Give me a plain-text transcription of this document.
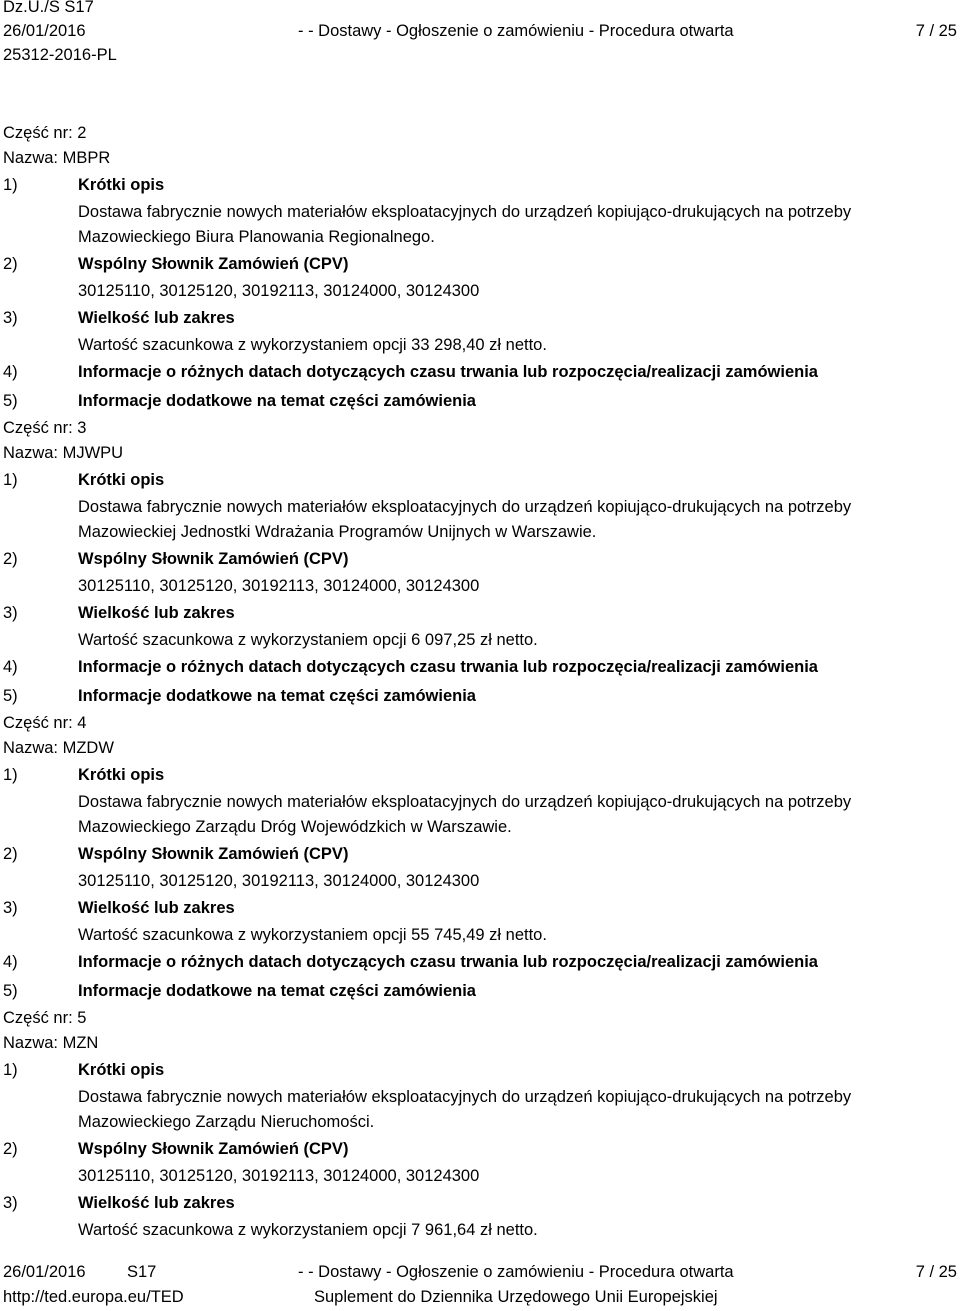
Dz.U./S S17
26/01/2016
25312-2016-PL
- - Dostawy - Ogłoszenie o zamówieniu - Procedura otwarta	7 / 25
Część nr: 2
Nazwa: MBPR
1)	Krótki opis
Dostawa fabrycznie nowych materiałów eksploatacyjnych do urządzeń kopiująco-drukujących na potrzeby
Mazowieckiego Biura Planowania Regionalnego.
2)	Wspólny Słownik Zamówień (CPV)
30125110, 30125120, 30192113, 30124000, 30124300
3)	Wielkość lub zakres
Wartość szacunkowa z wykorzystaniem opcji 33 298,40 zł netto.
4)	Informacje o różnych datach dotyczących czasu trwania lub rozpoczęcia/realizacji zamówienia
5)	Informacje dodatkowe na temat części zamówienia
Część nr: 3
Nazwa: MJWPU
1)	Krótki opis
Dostawa fabrycznie nowych materiałów eksploatacyjnych do urządzeń kopiująco-drukujących na potrzeby
Mazowieckiej Jednostki Wdrażania Programów Unijnych w Warszawie.
2)	Wspólny Słownik Zamówień (CPV)
30125110, 30125120, 30192113, 30124000, 30124300
3)	Wielkość lub zakres
Wartość szacunkowa z wykorzystaniem opcji 6 097,25 zł netto.
4)	Informacje o różnych datach dotyczących czasu trwania lub rozpoczęcia/realizacji zamówienia
5)	Informacje dodatkowe na temat części zamówienia
Część nr: 4
Nazwa: MZDW
1)	Krótki opis
Dostawa fabrycznie nowych materiałów eksploatacyjnych do urządzeń kopiująco-drukujących na potrzeby
Mazowieckiego Zarządu Dróg Wojewódzkich w Warszawie.
2)	Wspólny Słownik Zamówień (CPV)
30125110, 30125120, 30192113, 30124000, 30124300
3)	Wielkość lub zakres
Wartość szacunkowa z wykorzystaniem opcji 55 745,49 zł netto.
4)	Informacje o różnych datach dotyczących czasu trwania lub rozpoczęcia/realizacji zamówienia
5)	Informacje dodatkowe na temat części zamówienia
Część nr: 5
Nazwa: MZN
1)	Krótki opis
Dostawa fabrycznie nowych materiałów eksploatacyjnych do urządzeń kopiująco-drukujących na potrzeby
Mazowieckiego Zarządu Nieruchomości.
2)	Wspólny Słownik Zamówień (CPV)
30125110, 30125120, 30192113, 30124000, 30124300
3)	Wielkość lub zakres
Wartość szacunkowa z wykorzystaniem opcji 7 961,64 zł netto.
26/01/2016	S17
http://ted.europa.eu/TED
- - Dostawy - Ogłoszenie o zamówieniu - Procedura otwarta
Suplement do Dziennika Urzędowego Unii Europejskiej
7 / 25
